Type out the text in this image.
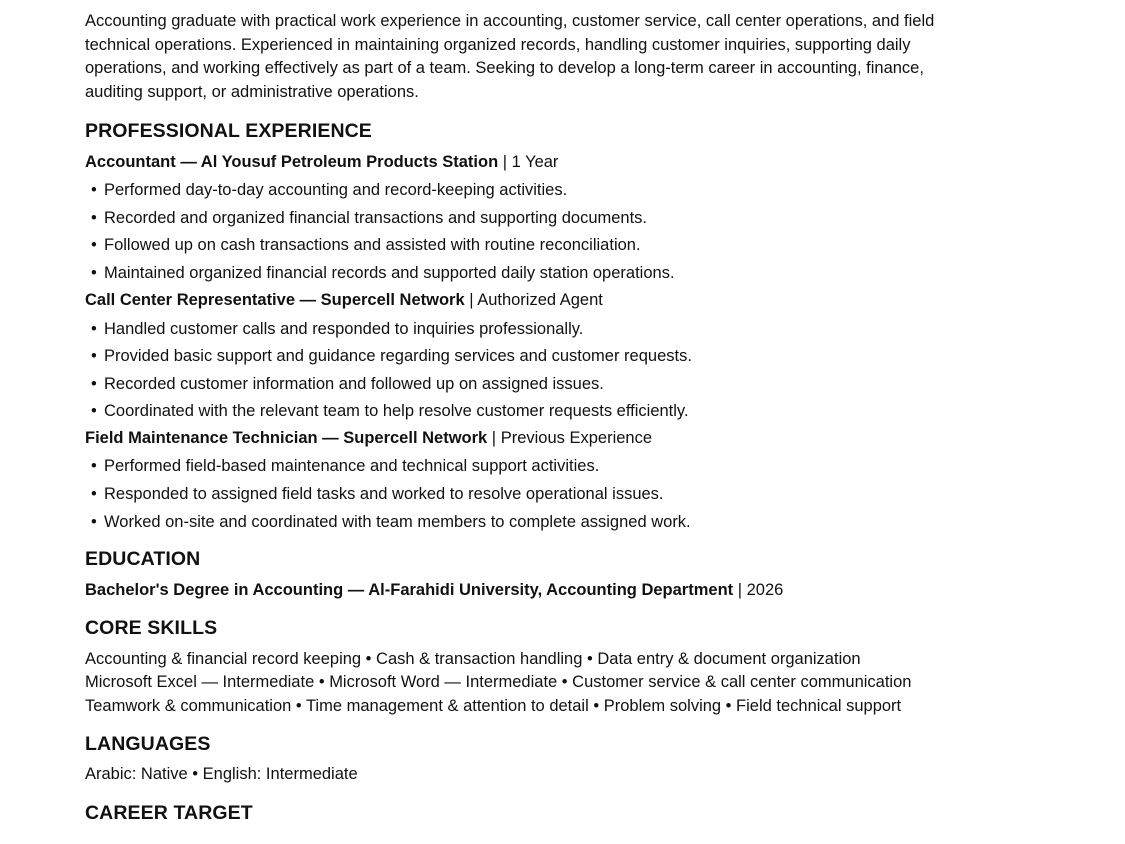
Accounting graduate with practical work experience in accounting, customer service, call center operations, and field
technical operations. Experienced in maintaining organized records, handling customer inquiries, supporting daily
operations, and working effectively as part of a team. Seeking to develop a long-term career in accounting, finance,
auditing support, or administrative operations.

PROFESSIONAL EXPERIENCE
Accountant — Al Yousuf Petroleum Products Station | 1 Year
• Performed day-to-day accounting and record-keeping activities.
• Recorded and organized financial transactions and supporting documents.
• Followed up on cash transactions and assisted with routine reconciliation.
• Maintained organized financial records and supported daily station operations.
Call Center Representative — Supercell Network | Authorized Agent
• Handled customer calls and responded to inquiries professionally.
• Provided basic support and guidance regarding services and customer requests.
• Recorded customer information and followed up on assigned issues.
• Coordinated with the relevant team to help resolve customer requests efficiently.
Field Maintenance Technician — Supercell Network | Previous Experience
• Performed field-based maintenance and technical support activities.
• Responded to assigned field tasks and worked to resolve operational issues.
• Worked on-site and coordinated with team members to complete assigned work.
EDUCATION
Bachelor's Degree in Accounting — Al-Farahidi University, Accounting Department | 2026
CORE SKILLS
Accounting & financial record keeping • Cash & transaction handling • Data entry & document organization
Microsoft Excel — Intermediate • Microsoft Word — Intermediate • Customer service & call center communication
Teamwork & communication • Time management & attention to detail • Problem solving • Field technical support
LANGUAGES
Arabic: Native • English: Intermediate
CAREER TARGET
